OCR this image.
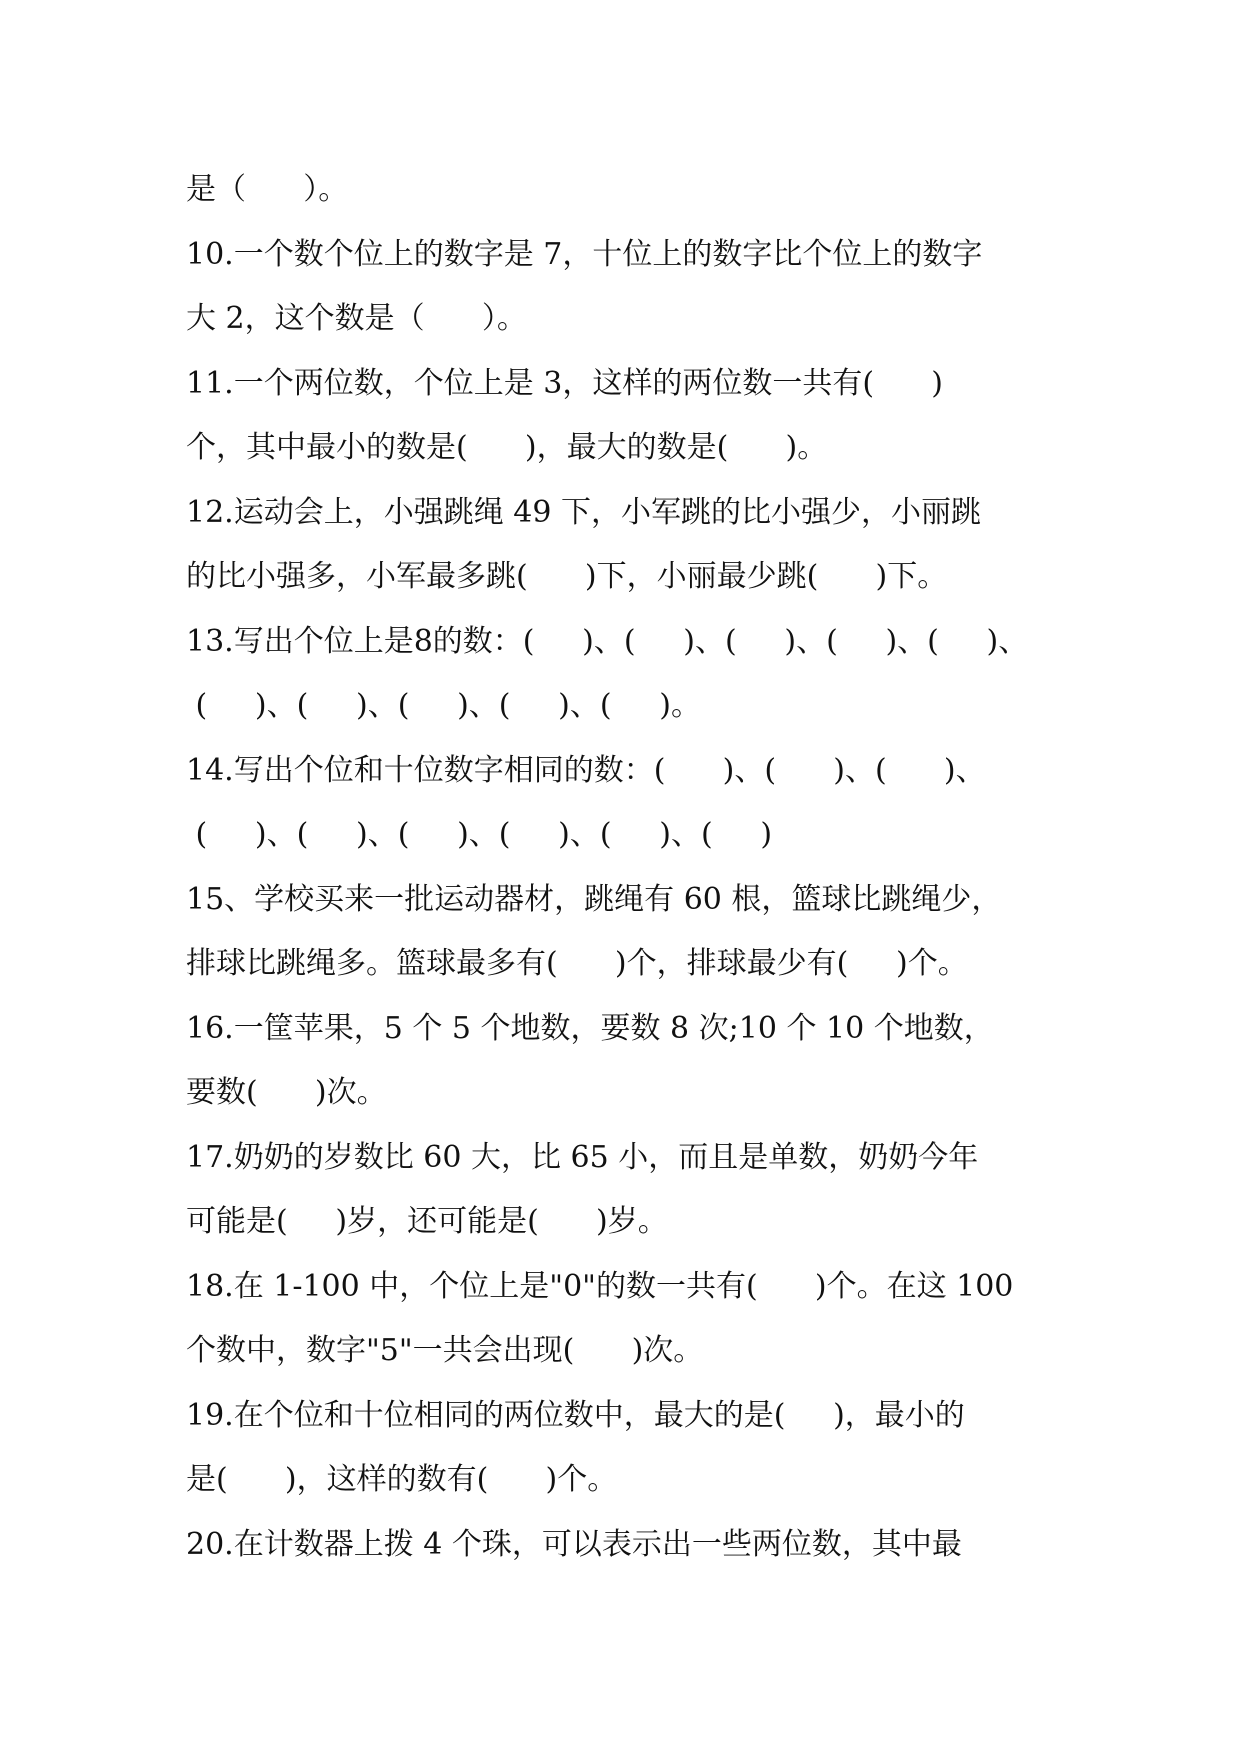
是（      ）。
10.一个数个位上的数字是 7，十位上的数字比个位上的数字
大 2，这个数是（      ）。
11.一个两位数，个位上是 3，这样的两位数一共有(      )
个，其中最小的数是(      )，最大的数是(      )。
12.运动会上，小强跳绳 49 下，小军跳的比小强少，小丽跳
的比小强多，小军最多跳(      )下，小丽最少跳(      )下。
13.写出个位上是8的数：(     )、(     )、(     )、(     )、(     )、
(     )、(     )、(     )、(     )、(     )。
14.写出个位和十位数字相同的数：(      )、(      )、(      )、
(     )、(     )、(     )、(     )、(     )、(     )
15、学校买来一批运动器材，跳绳有 60 根，篮球比跳绳少，
排球比跳绳多。篮球最多有(      )个，排球最少有(     )个。
16.一筐苹果，5 个 5 个地数，要数 8 次;10 个 10 个地数，
要数(      )次。
17.奶奶的岁数比 60 大，比 65 小，而且是单数，奶奶今年
可能是(     )岁，还可能是(      )岁。
18.在 1-100 中，个位上是"0"的数一共有(      )个。在这 100
个数中，数字"5"一共会出现(      )次。
19.在个位和十位相同的两位数中，最大的是(     )，最小的
是(      )，这样的数有(      )个。
20.在计数器上拨 4 个珠，可以表示出一些两位数，其中最
